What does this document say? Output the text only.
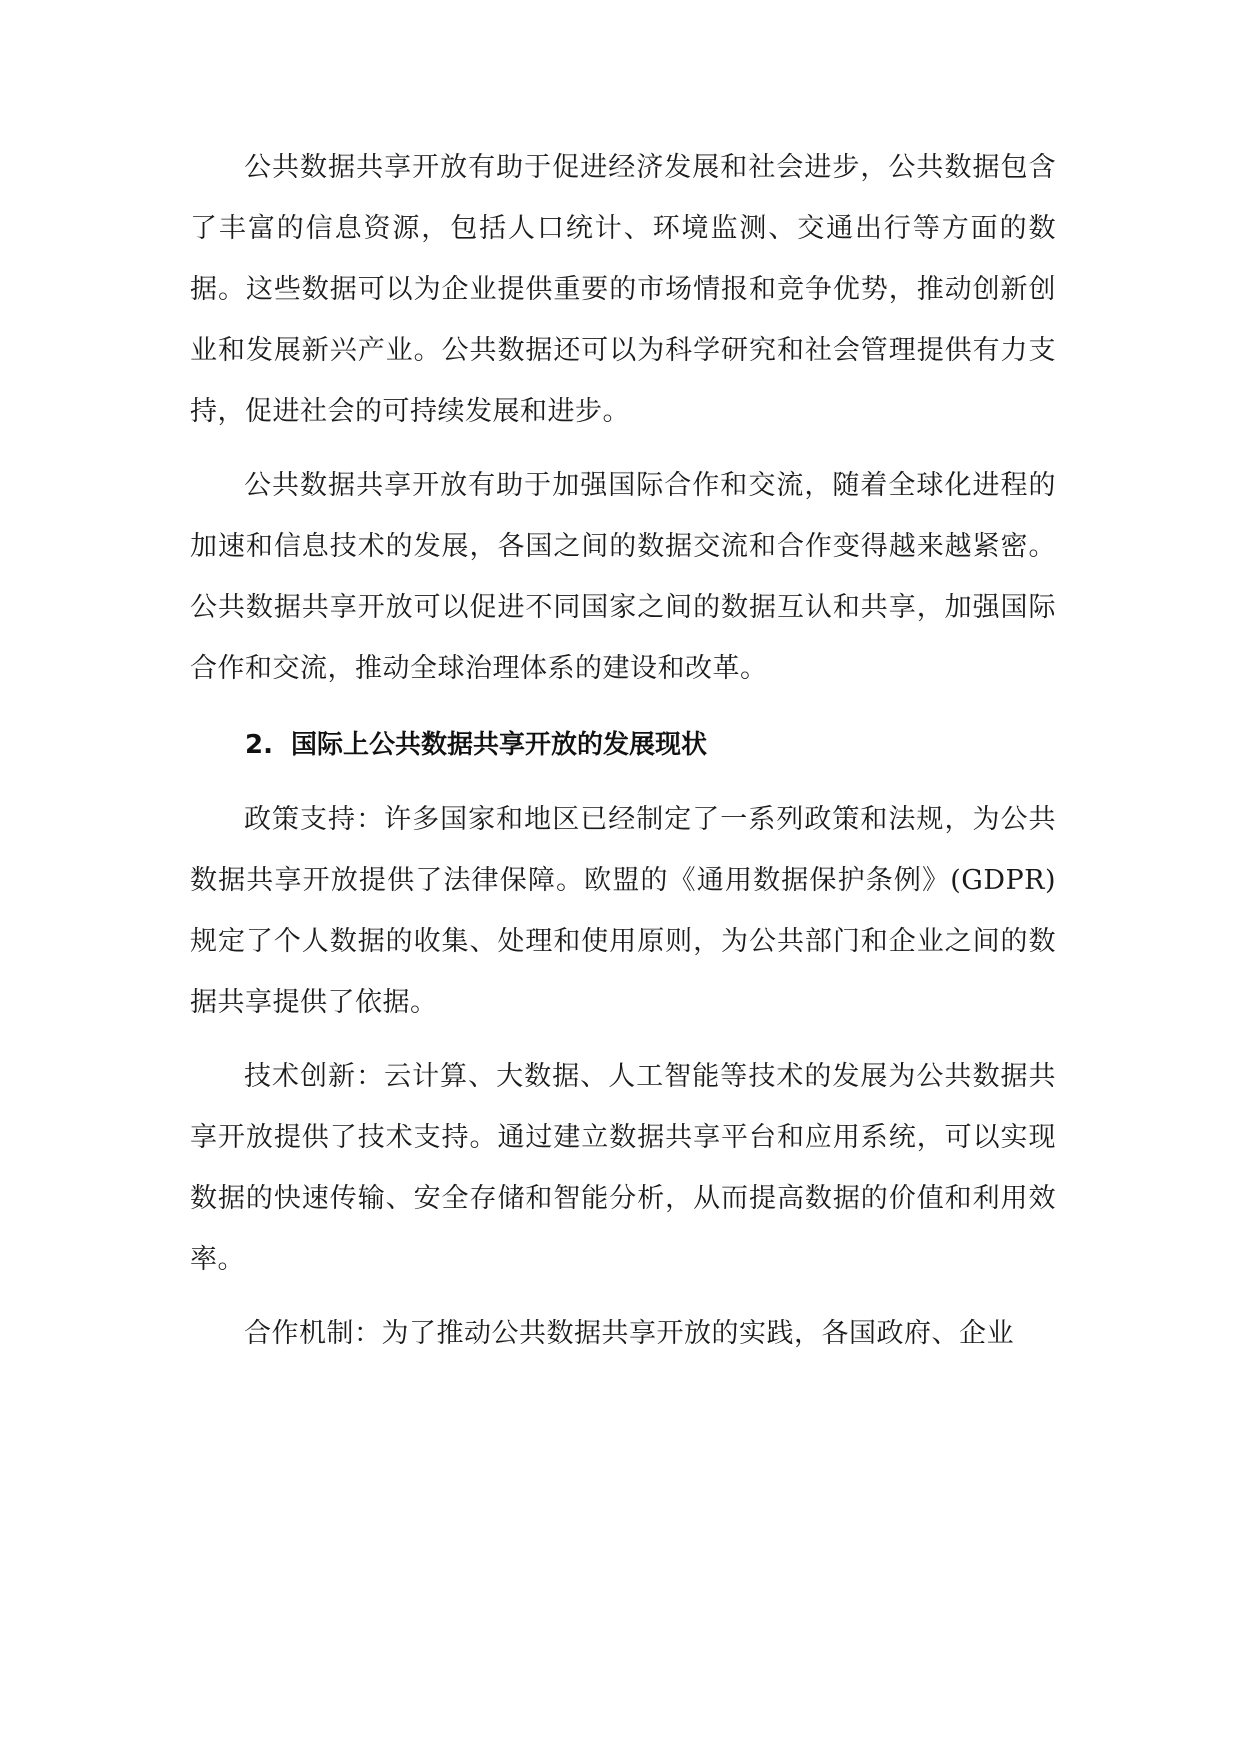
公共数据共享开放有助于促进经济发展和社会进步，公共数据包含了丰富的信息资源，包括人口统计、环境监测、交通出行等方面的数据。这些数据可以为企业提供重要的市场情报和竞争优势，推动创新创业和发展新兴产业。公共数据还可以为科学研究和社会管理提供有力支持，促进社会的可持续发展和进步。

公共数据共享开放有助于加强国际合作和交流，随着全球化进程的加速和信息技术的发展，各国之间的数据交流和合作变得越来越紧密。公共数据共享开放可以促进不同国家之间的数据互认和共享，加强国际合作和交流，推动全球治理体系的建设和改革。

2. 国际上公共数据共享开放的发展现状

政策支持：许多国家和地区已经制定了一系列政策和法规，为公共数据共享开放提供了法律保障。欧盟的《通用数据保护条例》(GDPR)规定了个人数据的收集、处理和使用原则，为公共部门和企业之间的数据共享提供了依据。

技术创新：云计算、大数据、人工智能等技术的发展为公共数据共享开放提供了技术支持。通过建立数据共享平台和应用系统，可以实现数据的快速传输、安全存储和智能分析，从而提高数据的价值和利用效率。

合作机制：为了推动公共数据共享开放的实践，各国政府、企业
